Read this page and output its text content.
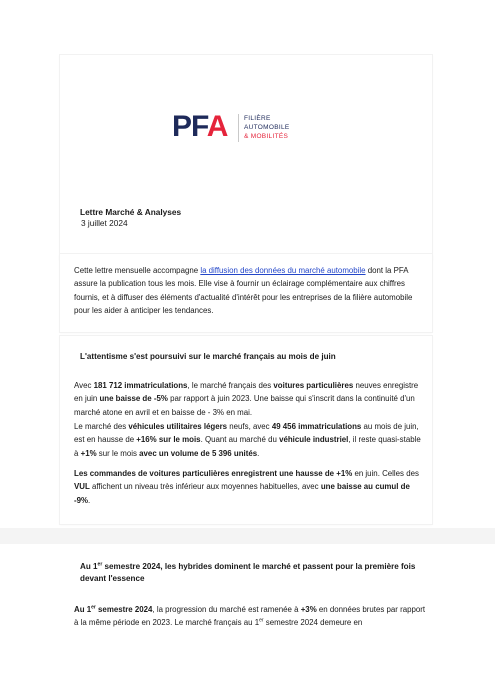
PFA	FILIÈRE
AUTOMOBILE
& MOBILITÉS
Lettre Marché & Analyses
3 juillet 2024

Cette lettre mensuelle accompagne la diffusion des données du marché automobile dont la PFA assure la publication tous les mois. Elle vise à fournir un éclairage complémentaire aux chiffres fournis, et à diffuser des éléments d'actualité d'intérêt pour les entreprises de la filière automobile pour les aider à anticiper les tendances.

L'attentisme s'est poursuivi sur le marché français au mois de juin

Avec 181 712 immatriculations, le marché français des voitures particulières neuves enregistre en juin une baisse de -5% par rapport à juin 2023. Une baisse qui s'inscrit dans la continuité d'un marché atone en avril et en baisse de - 3% en mai.

Le marché des véhicules utilitaires légers neufs, avec 49 456 immatriculations au mois de juin, est en hausse de +16% sur le mois. Quant au marché du véhicule industriel, il reste quasi-stable à +1% sur le mois avec un volume de 5 396 unités.

Les commandes de voitures particulières enregistrent une hausse de +1% en juin. Celles des VUL affichent un niveau très inférieur aux moyennes habituelles, avec une baisse au cumul de -9%.

Au 1er semestre 2024, les hybrides dominent le marché et passent pour la première fois devant l'essence

Au 1er semestre 2024, la progression du marché est ramenée à +3% en données brutes par rapport à la même période en 2023. Le marché français au 1er semestre 2024 demeure en
